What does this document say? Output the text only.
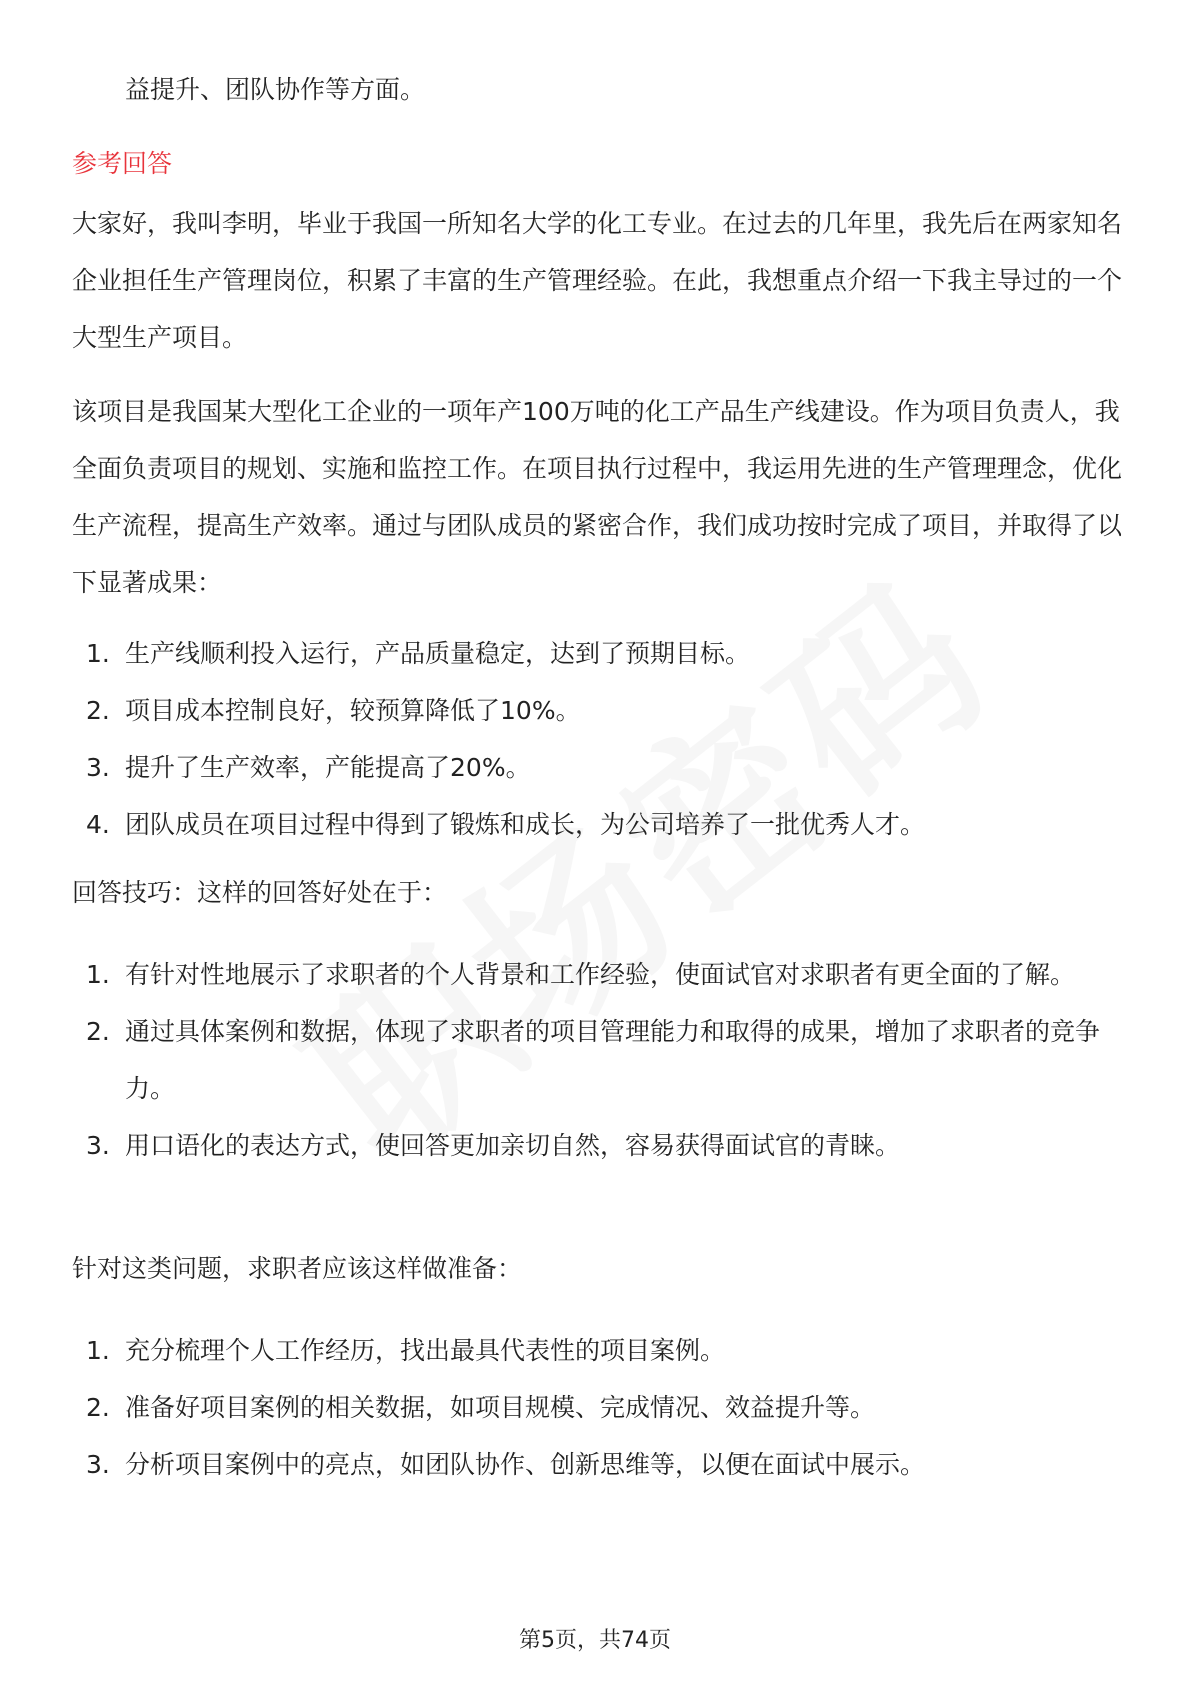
益提升、团队协作等方面。
参考回答

大家好，我叫李明，毕业于我国一所知名大学的化工专业。在过去的几年里，我先后在两家知名企业担任生产管理岗位，积累了丰富的生产管理经验。在此，我想重点介绍一下我主导过的一个大型生产项目。

该项目是我国某大型化工企业的一项年产100万吨的化工产品生产线建设。作为项目负责人，我全面负责项目的规划、实施和监控工作。在项目执行过程中，我运用先进的生产管理理念，优化生产流程，提高生产效率。通过与团队成员的紧密合作，我们成功按时完成了项目，并取得了以下显著成果：

1. 生产线顺利投入运行，产品质量稳定，达到了预期目标。
2. 项目成本控制良好，较预算降低了10%。
3. 提升了生产效率，产能提高了20%。
4. 团队成员在项目过程中得到了锻炼和成长，为公司培养了一批优秀人才。

回答技巧：这样的回答好处在于：

1. 有针对性地展示了求职者的个人背景和工作经验，使面试官对求职者有更全面的了解。
2. 通过具体案例和数据，体现了求职者的项目管理能力和取得的成果，增加了求职者的竞争力。
3. 用口语化的表达方式，使回答更加亲切自然，容易获得面试官的青睐。

针对这类问题，求职者应该这样做准备：

1. 充分梳理个人工作经历，找出最具代表性的项目案例。
2. 准备好项目案例的相关数据，如项目规模、完成情况、效益提升等。
3. 分析项目案例中的亮点，如团队协作、创新思维等，以便在面试中展示。
第5页，共74页
